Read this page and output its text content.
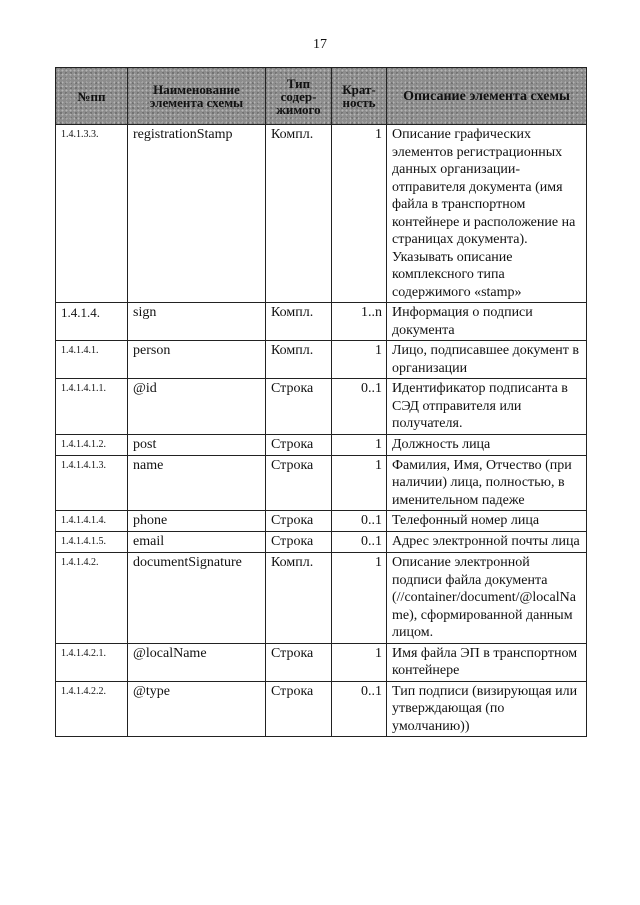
17
№пп	Наименование элемента схемы	Тип содер-жимого	Крат-ность	Описание элемента схемы
1.4.1.3.3.	registrationStamp	Компл.	1	Описание графических элементов регистрационных данных организации-отправителя документа (имя файла в транспортном контейнере и расположение на страницах документа). Указывать описание комплексного типа содержимого «stamp»
1.4.1.4.	sign	Компл.	1..n	Информация о подписи документа
1.4.1.4.1.	person	Компл.	1	Лицо, подписавшее документ в организации
1.4.1.4.1.1.	@id	Строка	0..1	Идентификатор подписанта в СЭД отправителя или получателя.
1.4.1.4.1.2.	post	Строка	1	Должность лица
1.4.1.4.1.3.	name	Строка	1	Фамилия, Имя, Отчество (при наличии) лица, полностью, в именительном падеже
1.4.1.4.1.4.	phone	Строка	0..1	Телефонный номер лица
1.4.1.4.1.5.	email	Строка	0..1	Адрес электронной почты лица
1.4.1.4.2.	documentSignature	Компл.	1	Описание электронной подписи файла документа (//container/document/@localName), сформированной данным лицом.
1.4.1.4.2.1.	@localName	Строка	1	Имя файла ЭП в транспортном контейнере
1.4.1.4.2.2.	@type	Строка	0..1	Тип подписи (визирующая или утверждающая (по умолчанию))
